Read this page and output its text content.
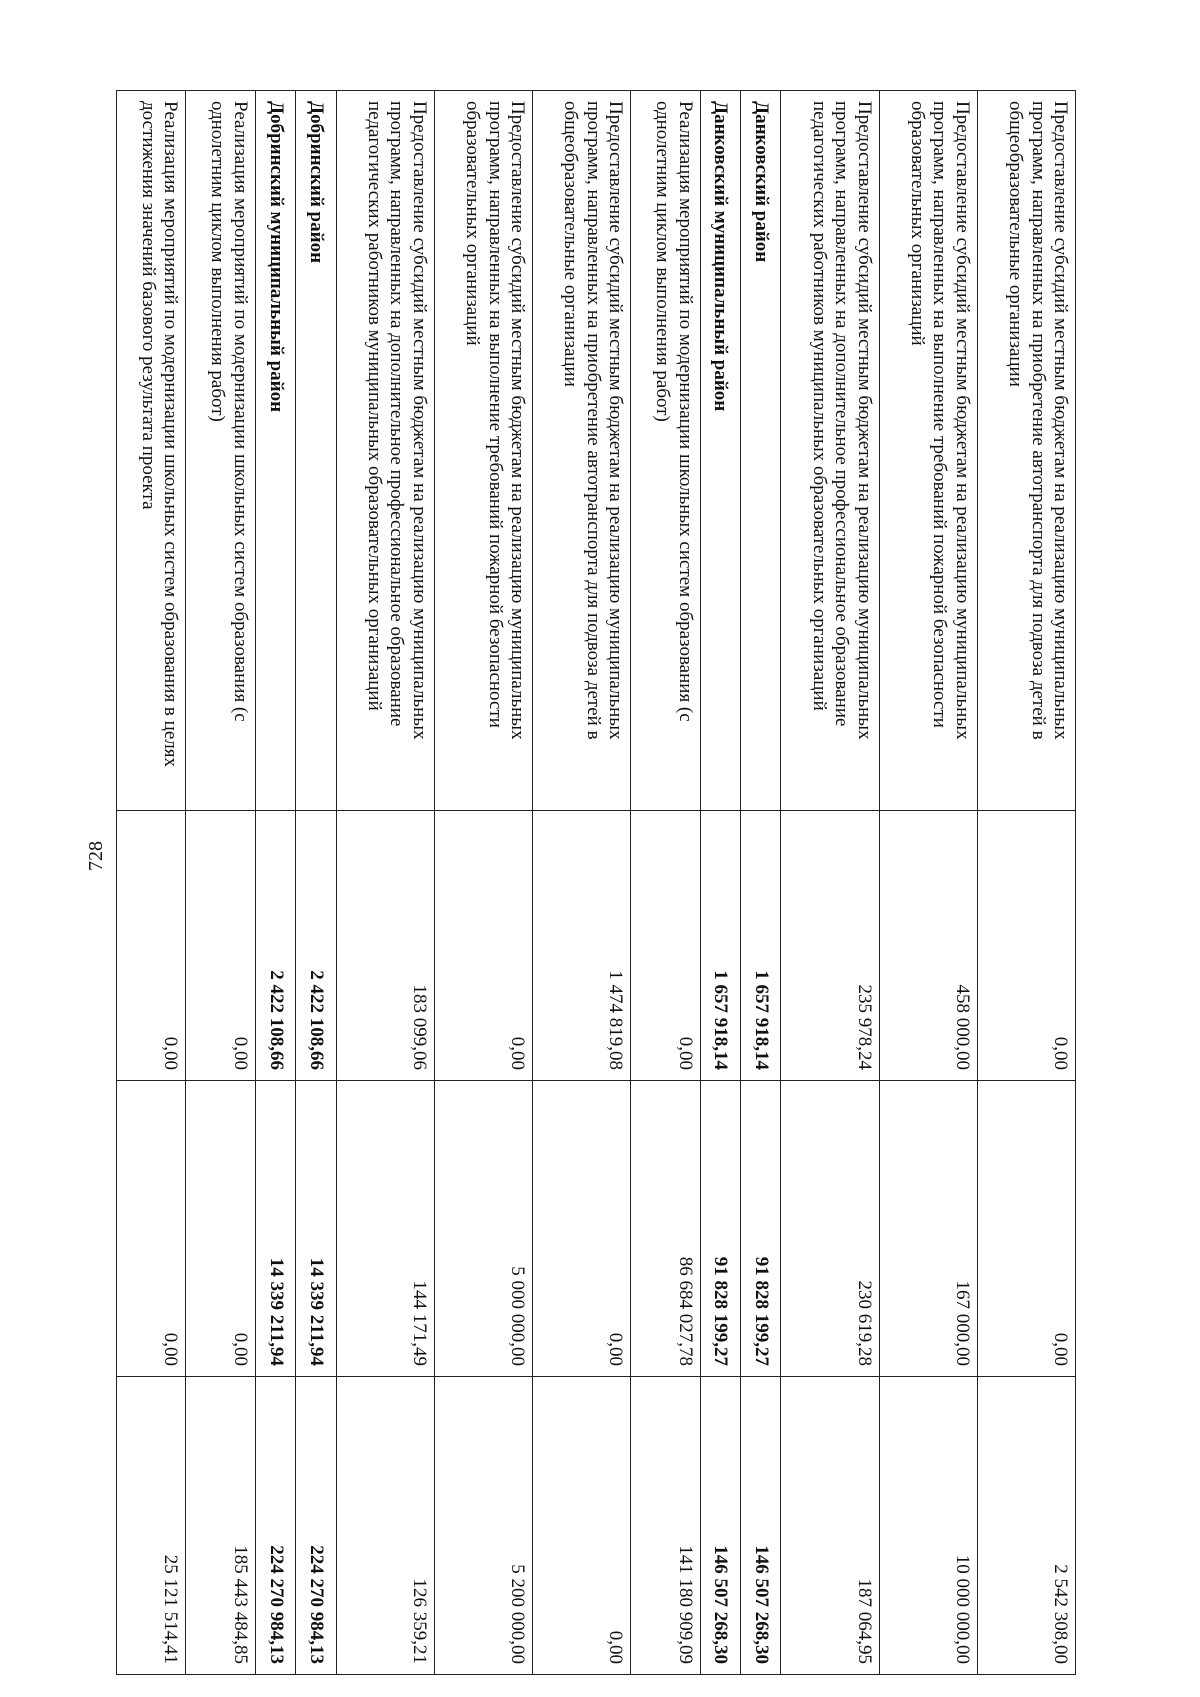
728
Предоставление субсидий местным бюджетам на реализацию муниципальных программ, направленных на приобретение автотранспорта для подвоза детей в общеобразовательные организации	0,00	0,00	2 542 308,00
Предоставление субсидий местным бюджетам на реализацию муниципальных программ, направленных на выполнение требований пожарной безопасности образовательных организаций	458 000,00	167 000,00	10 000 000,00
Предоставление субсидий местным бюджетам на реализацию муниципальных программ, направленных на дополнительное профессиональное образование педагогических работников муниципальных образовательных организаций	235 978,24	230 619,28	187 064,95
Данковский район	1 657 918,14	91 828 199,27	146 507 268,30
Данковский муниципальный район	1 657 918,14	91 828 199,27	146 507 268,30
Реализация мероприятий по модернизации школьных систем образования (с однолетним циклом выполнения работ)	0,00	86 684 027,78	141 180 909,09
Предоставление субсидий местным бюджетам на реализацию муниципальных программ, направленных на приобретение автотранспорта для подвоза детей в общеобразовательные организации	1 474 819,08	0,00	0,00
Предоставление субсидий местным бюджетам на реализацию муниципальных программ, направленных на выполнение требований пожарной безопасности образовательных организаций	0,00	5 000 000,00	5 200 000,00
Предоставление субсидий местным бюджетам на реализацию муниципальных программ, направленных на дополнительное профессиональное образование педагогических работников муниципальных образовательных организаций	183 099,06	144 171,49	126 359,21
Добринский район	2 422 108,66	14 339 211,94	224 270 984,13
Добринский муниципальный район	2 422 108,66	14 339 211,94	224 270 984,13
Реализация мероприятий по модернизации школьных систем образования (с однолетним циклом выполнения работ)	0,00	0,00	185 443 484,85
Реализация мероприятий по модернизации школьных систем образования в целях достижения значений базового результата проекта	0,00	0,00	25 121 514,41
